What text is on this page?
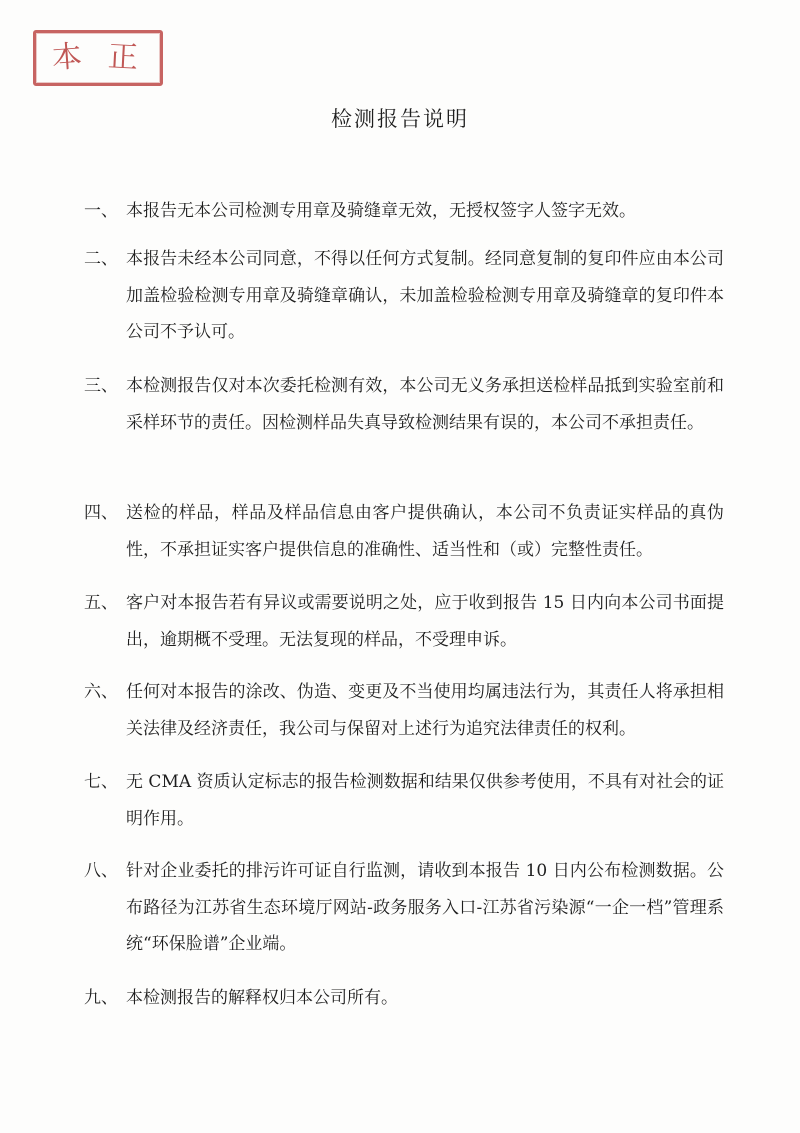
本 正
检测报告说明
一、 本报告无本公司检测专用章及骑缝章无效，无授权签字人签字无效。
二、 本报告未经本公司同意，不得以任何方式复制。经同意复制的复印件应由本公司加盖检验检测专用章及骑缝章确认，未加盖检验检测专用章及骑缝章的复印件本公司不予认可。
三、 本检测报告仅对本次委托检测有效，本公司无义务承担送检样品抵到实验室前和采样环节的责任。因检测样品失真导致检测结果有误的，本公司不承担责任。
四、 送检的样品，样品及样品信息由客户提供确认，本公司不负责证实样品的真伪性，不承担证实客户提供信息的准确性、适当性和（或）完整性责任。
五、 客户对本报告若有异议或需要说明之处，应于收到报告 15 日内向本公司书面提出，逾期概不受理。无法复现的样品，不受理申诉。
六、 任何对本报告的涂改、伪造、变更及不当使用均属违法行为，其责任人将承担相关法律及经济责任，我公司与保留对上述行为追究法律责任的权利。
七、 无 CMA 资质认定标志的报告检测数据和结果仅供参考使用，不具有对社会的证明作用。
八、 针对企业委托的排污许可证自行监测，请收到本报告 10 日内公布检测数据。公布路径为江苏省生态环境厅网站-政务服务入口-江苏省污染源“一企一档”管理系统“环保脸谱”企业端。
九、 本检测报告的解释权归本公司所有。
